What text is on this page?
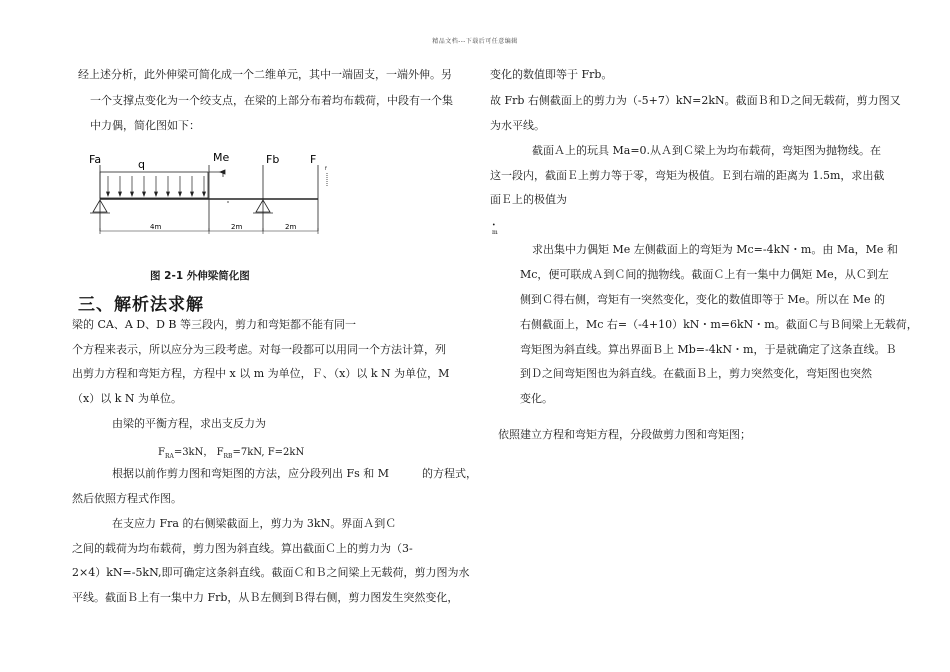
精品文档---下载后可任意编辑
经上述分析，此外伸梁可简化成一个二维单元，其中一端固支，一端外伸。另
一个支撑点变化为一个绞支点，在梁的上部分布着均布载荷，中段有一个集
中力偶，简化图如下：
Fa	q
Me	Fb	F
f
4m	2m	2m
图 2-1 外伸梁简化图
三、解析法求解
梁的 CA、A D、D B 等三段内，剪力和弯矩都不能有同一
个方程来表示，所以应分为三段考虑。对每一段都可以用同一个方法计算，列
出剪力方程和弯矩方程，方程中 x 以 m 为单位，Ｆ、（x）以 k N 为单位，M
（x）以 k N 为单位。
由梁的平衡方程，求出支反力为
$F_{RA}=3kN$， $F_{RB}=7kN$, F=2kN
根据以前作剪力图和弯矩图的方法，应分段列出 Fs 和 M　　　的方程式，
然后依照方程式作图。
在支应力 Fra 的右侧梁截面上，剪力为 3kN。界面Ａ到Ｃ
之间的载荷为均布载荷，剪力图为斜直线。算出截面Ｃ上的剪力为（3-
2×4）kN=-5kN,即可确定这条斜直线。截面Ｃ和Ｂ之间梁上无载荷，剪力图为水
平线。截面Ｂ上有一集中力 Frb，从Ｂ左侧到Ｂ得右侧，剪力图发生突然变化，
变化的数值即等于 Frb。
故 Frb 右侧截面上的剪力为（-5+7）kN=2kN。截面Ｂ和Ｄ之间无载荷，剪力图又
为水平线。
截面Ａ上的玩具 Ma=0.从Ａ到Ｃ梁上为均布载荷，弯矩图为抛物线。在
这一段内，截面Ｅ上剪力等于零，弯矩为极值。Ｅ到右端的距离为 1.5m，求出截
面Ｅ上的极值为
• m
求出集中力偶矩 Me 左侧截面上的弯矩为 Mc=-4kN・m。由 Ma，Me 和
Mc，便可联成Ａ到Ｃ间的抛物线。截面Ｃ上有一集中力偶矩 Me，从Ｃ到左
侧到Ｃ得右侧，弯矩有一突然变化，变化的数值即等于 Me。所以在 Me 的
右侧截面上，Mc 右=（-4+10）kN・m=6kN・m。截面Ｃ与Ｂ间梁上无载荷，
弯矩图为斜直线。算出界面Ｂ上 Mb=-4kN・m，于是就确定了这条直线。Ｂ
到Ｄ之间弯矩图也为斜直线。在截面Ｂ上，剪力突然变化，弯矩图也突然
变化。
依照建立方程和弯矩方程，分段做剪力图和弯矩图；
